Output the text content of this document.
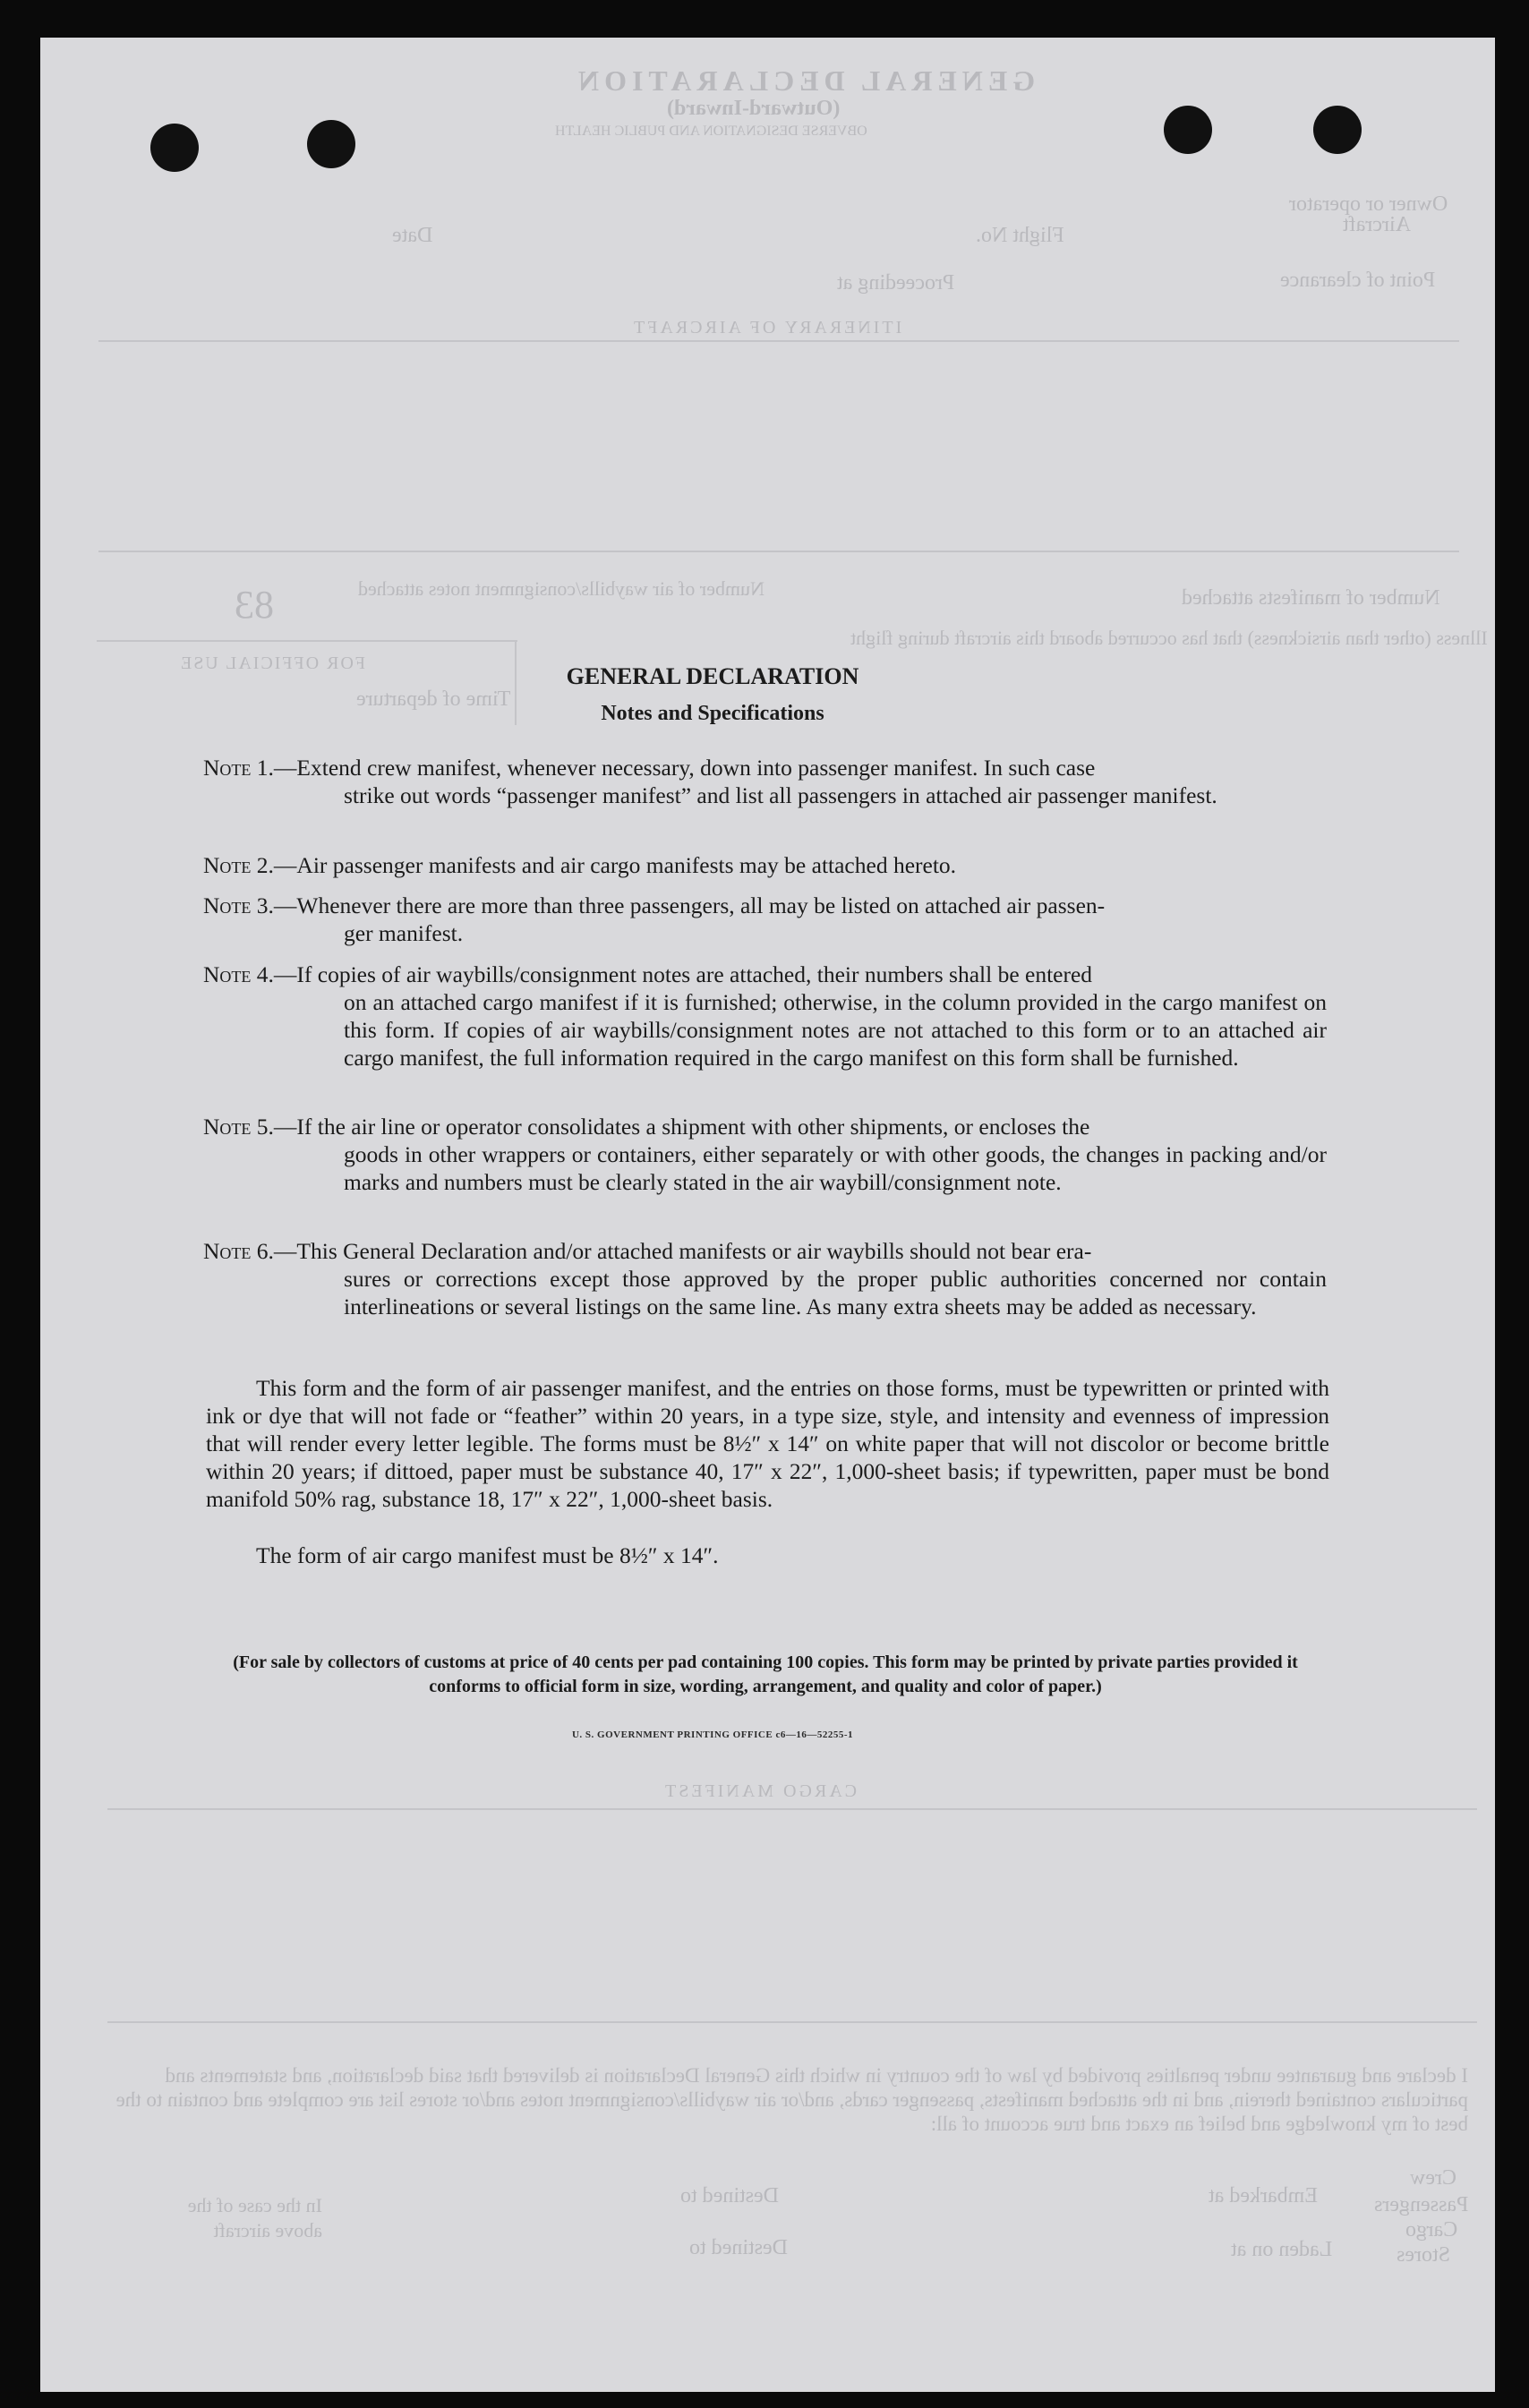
GENERAL DECLARATION
(Outward-Inward)
OBVERSE DESIGNATION AND PUBLIC HEALTH
Owner or operator
Aircraft
Flight No.
Date
Point of clearance
Proceeding at
ITINERARY OF AIRCRAFT
83	Number of air waybills/consignment notes attached	Number of manifests attached
FOR OFFICIAL USE
Time of departure
Illness (other than airsickness) that has occurred aboard this aircraft during flight
CARGO MANIFEST
I declare and guarantee under penalties provided by law of the country in which this General Declaration is delivered that said declaration, and statements and particulars contained therein, and in the attached manifests, passenger cards, and/or air waybills/consignment notes and/or stores list are complete and contain to the best of my knowledge and belief an exact and true account of all:
Crew
Passengers
Cargo
Stores
Embarked at
Laden on at
Destined to
Destined to
In the case of the above aircraft
GENERAL DECLARATION
Notes and Specifications
Note 1.—Extend crew manifest, whenever necessary, down into passenger manifest. In such case
strike out words “passenger manifest” and list all passengers in attached air passenger manifest.
Note 2.—Air passenger manifests and air cargo manifests may be attached hereto.
Note 3.—Whenever there are more than three passengers, all may be listed on attached air passen-
ger manifest.
Note 4.—If copies of air waybills/consignment notes are attached, their numbers shall be entered
on an attached cargo manifest if it is furnished; otherwise, in the column provided in the cargo manifest on this form. If copies of air waybills/consignment notes are not attached to this form or to an attached air cargo manifest, the full information required in the cargo manifest on this form shall be furnished.
Note 5.—If the air line or operator consolidates a shipment with other shipments, or encloses the
goods in other wrappers or containers, either separately or with other goods, the changes in packing and/or marks and numbers must be clearly stated in the air waybill/consignment note.
Note 6.—This General Declaration and/or attached manifests or air waybills should not bear era-
sures or corrections except those approved by the proper public authorities concerned nor contain interlineations or several listings on the same line. As many extra sheets may be added as necessary.
This form and the form of air passenger manifest, and the entries on those forms, must be typewritten or printed with ink or dye that will not fade or “feather” within 20 years, in a type size, style, and intensity and evenness of impression that will render every letter legible. The forms must be 8½″ x 14″ on white paper that will not discolor or become brittle within 20 years; if dittoed, paper must be substance 40, 17″ x 22″, 1,000-sheet basis; if typewritten, paper must be bond manifold 50% rag, substance 18, 17″ x 22″, 1,000-sheet basis.
The form of air cargo manifest must be 8½″ x 14″.
(For sale by collectors of customs at price of 40 cents per pad containing 100 copies. This form may be printed by private parties provided it conforms to official form in size, wording, arrangement, and quality and color of paper.)
U. S. GOVERNMENT PRINTING OFFICE c6—16—52255-1
